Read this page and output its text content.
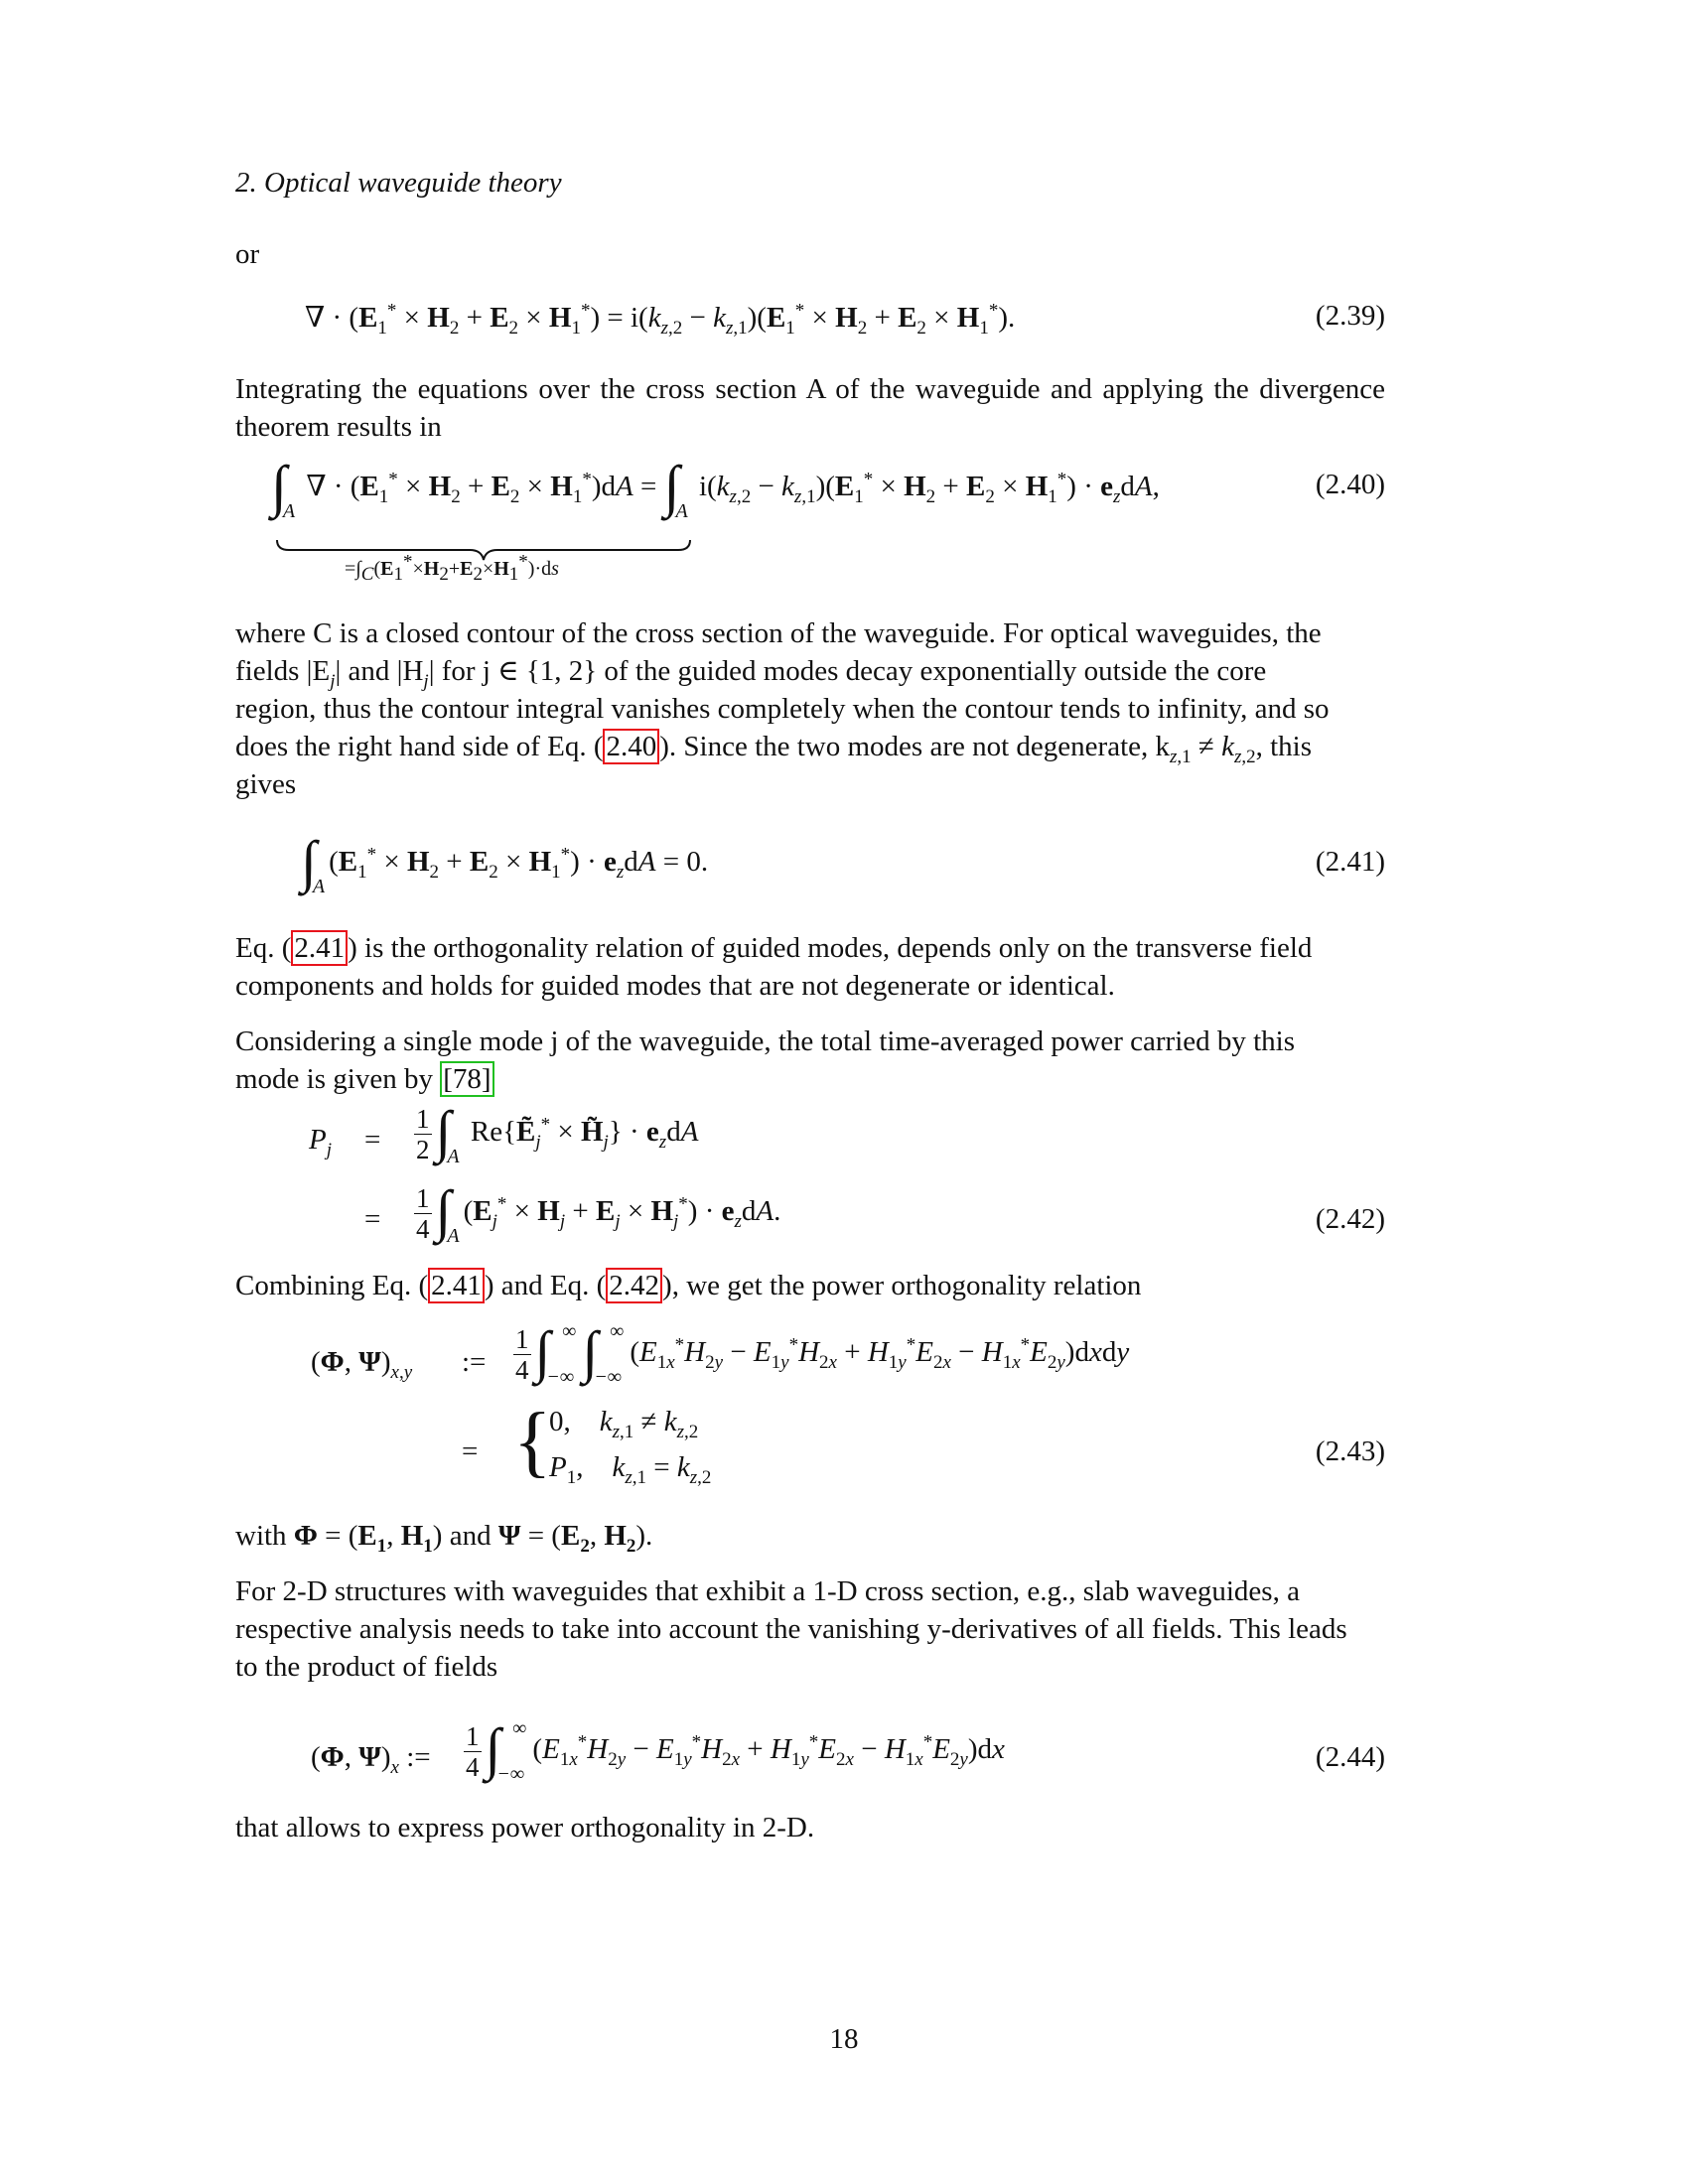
2. Optical waveguide theory
or
∇ · $(E_1^* \times H_2 + E_2 \times H_1^*) = i(k_{z,2} - k_{z,1})(E_1^* \times H_2 + E_2 \times H_1^*)$.	(2.39)
Integrating the equations over the cross section A of the waveguide and applying the divergence theorem results in
$\int_A$ ∇ · $(E_1^* \times H_2 + E_2 \times H_1^*)dA = \int_A$ $i(k_{z,2} - k_{z,1})(E_1^* \times H_2 + E_2 \times H_1^*) \cdot e_zdA$,	(2.40)
$=\int_C(E_1^*\times H_2+E_2\times H_1^*)\cdot ds⃗$
where C is a closed contour of the cross section of the waveguide. For optical waveguides, the
fields $|E_j|$ and $|H_j|$ for j ∈ {1, 2} of the guided modes decay exponentially outside the core
region, thus the contour integral vanishes completely when the contour tends to infinity, and so
does the right hand side of Eq. ( 2.40 ). Since the two modes are not degenerate, $k_{z,1} \ne k_{z,2}$, this
gives
$\int_A(E_1^* \times H_2 + E_2 \times H_1^*) \cdot e_zdA = 0$.	(2.41)
Eq. ( 2.41 ) is the orthogonality relation of guided modes, depends only on the transverse field
components and holds for guided modes that are not degenerate or identical.
Considering a single mode j of the waveguide, the total time-averaged power carried by this
mode is given by [78]
$P_j = \frac{1}{2} \int_A$ Re{Ẽ$_j$* × $H̃_j\} \cdot e_zdA$
= $\frac{1}{4} \int_A(E_j^* \times H_j + E_j \times H_j^*) \cdot e_zdA$.	(2.42)
Combining Eq. ( 2.41 ) and Eq. ( 2.42 ), we get the power orthogonality relation
(Φ, $\Psi)_{x,y}$ := $\frac{1}{4} \int_{-\infty}^\infty$ $\int_{-\infty}^\infty(E_{1x}^*H_{2y} - E_{1y}^*H_{2x} + H_{1y}^*E_{2x}$ − $H_{1x}^*E_{2y})dxdy$
= {
0,    $k_{z,1} \ne k_{z,2}$
$P_1$,    $k_{z,1} = k_{z,2}$
(2.43)
with $\Phi = (E_1$, $H_1$) and $\Psi = (E_2$, $H_2$).
For 2-D structures with waveguides that exhibit a 1-D cross section, e.g., slab waveguides, a
respective analysis needs to take into account the vanishing y-derivatives of all fields. This leads
to the product of fields
(Φ, $\Psi)_x$ := $\frac{1}{4} \int_{-\infty}^\infty(E_{1x}^*H_{2y} - E_{1y}^*H_{2x} + H_{1y}^*E_{2x} - H_{1x}^*E_{2y})dx$	(2.44)
that allows to express power orthogonality in 2-D.
18
